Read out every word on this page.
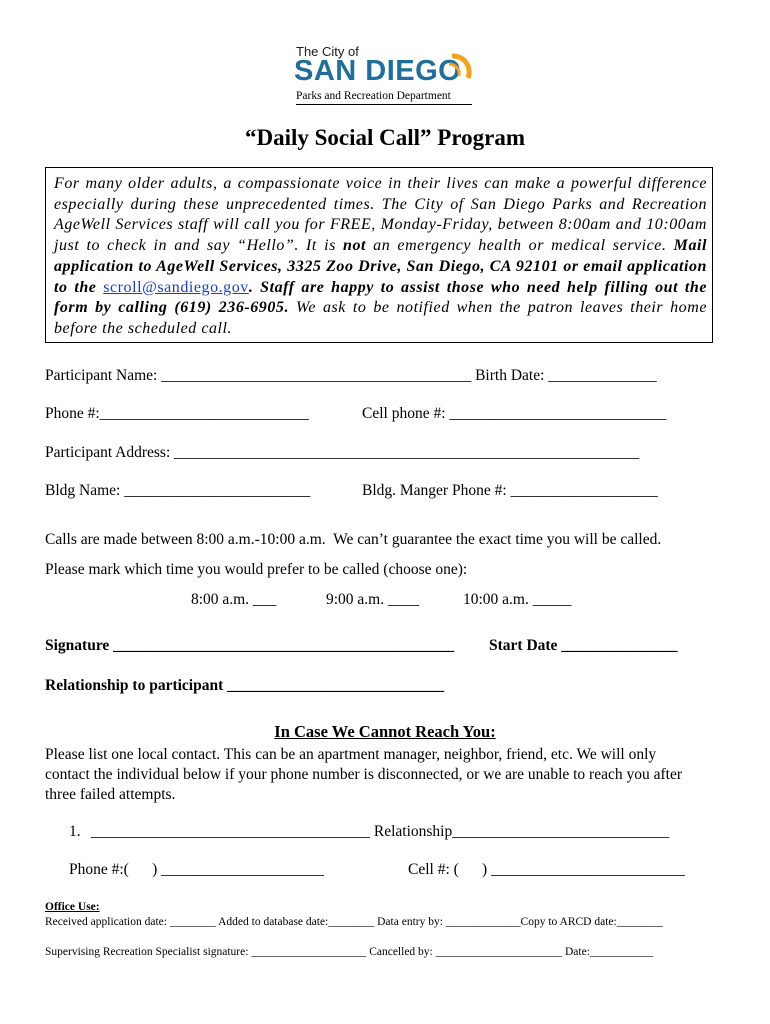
The City of
SAN DIEGO
Parks and Recreation Department
“Daily Social Call” Program
For many older adults, a compassionate voice in their lives can make a powerful difference especially during these unprecedented times. The City of San Diego Parks and Recreation AgeWell Services staff will call you for FREE, Monday-Friday, between 8:00am and 10:00am just to check in and say “Hello”. It is not an emergency health or medical service. Mail application to AgeWell Services, 3325 Zoo Drive, San Diego, CA 92101 or email application to the scroll@sandiego.gov. Staff are happy to assist those who need help filling out the form by calling (619) 236-6905. We ask to be notified when the patron leaves their home before the scheduled call.
Participant Name: ________________________________________ Birth Date: ______________
Phone #:___________________________	Cell phone #: ____________________________
Participant Address: ____________________________________________________________
Bldg Name: ________________________	Bldg. Manger Phone #: ___________________
Calls are made between 8:00 a.m.-10:00 a.m.  We can’t guarantee the exact time you will be called.
Please mark which time you would prefer to be called (choose one):
8:00 a.m. ___	9:00 a.m. ____	10:00 a.m. _____
Signature ____________________________________________ Start Date _______________
Relationship to participant ____________________________
In Case We Cannot Reach You:
Please list one local contact. This can be an apartment manager, neighbor, friend, etc. We will only
contact the individual below if your phone number is disconnected, or we are unable to reach you after
three failed attempts.
1. ____________________________________ Relationship____________________________
Phone #:(      ) _____________________	Cell #: (      ) _________________________
Office Use:
Received application date: ________ Added to database date:________ Data entry by: _____________Copy to ARCD date:________
Supervising Recreation Specialist signature: ____________________ Cancelled by: ______________________ Date:___________
